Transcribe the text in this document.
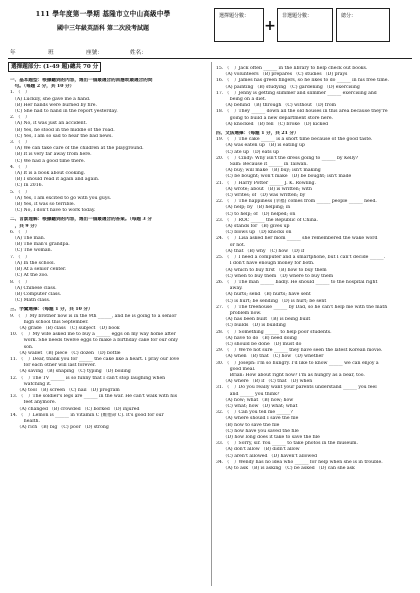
111 學年度第一學期 基隆市立中山高級中學
國中三年級英語科 第二次段考試題
年	班	座號：	姓名：
選擇題分數：
+
非選題分數：	總分：
選擇題部分: (1-49 題)總共 70 分
一、基本題型：根據聽到的內容，選出一個最適合的回應或最適合的問
　句。（每題 2 分，共 10 分）
1. （　）
　（A) Luckily, she gave me a hand.
　（B) Her hands were burned by fire.
　（C) She had to hand in the report yesterday.
2. （　）
　（A) No, it was just an accident.
　（B) Yes, he stood in the middle of the road.
　（C) Yes, I am so sad to hear the bad news.
3. （　）
　（A) We can take care of the children at the playground.
　（B) It is very far away from here.
　（C) We had a good time there.
4. （　）
　（A) It is a book about cooking.
　（B) I should read it again and again.
　（C) In 2016.
5. （　）
　（A) Yes, I am excited to go with you guys.
　（B) Yes, it was so terrible.
　（C) No, I don't have to work today.
二、言談理解：根據聽到的內容，選出一個最適合的答案。（每題 3 分
　，共 9 分）
6. （　）
　（A) The man.
　（B) The man's grandpa.
　（C) The woman.
7. （　）
　（A) In the school.
　（B) At a senior center.
　（C) At the zoo.
8. （　）
　（A) Chinese class.
　（B) Computer class.
　（C) Math class.
三、字彙選擇：（每題 1 分，共 10 分）
9. （　）My brother now is in the 9th ______, and he is going to a senior
　　　high school this September.
　　（A) grade （B) class （C) subject （D) book
10. （　）My wife asked me to buy a ______ eggs on my way home after
　　　work. She needs twelve eggs to make a birthday cake for our only
　　　son.
　　（A) wallet （B) piece （C) dozen （D) bottle
11. （　）Dear, thank you for ______ the cake like a heart. I pray our love
　　　for each other will last forever.
　　（A) saving （B) shaping （C) typing （D) boiling
12. （　）The TV ______ is so funny that I can't stop laughing when
　　　watching it.
　　（A) tool （B) screen （C) nail （D) program
13. （　）The soldier's legs are ______ in the war. He can't walk with his
　　　feet anymore.
　　（A) changed （B) crowded （C) borked （D) injured
14. （　）Lemon is ______ in Vitamin C (維他命 C). It's good for our
　　　health.
　　（A) rich （B) big （C) poor （D) strong
15. （　）Jack often ______ in the library to help check out books.
　　（A) volunteers （B) prepares （C) studies （D) prays
16. （　）James has green fingers, so he likes to do ______ in his free time.
　　（A) painting （B) studying （C) gardening （D) exercising
17. （　）Jenny is getting slimmer and slimmer ______ exercising and
　　　being on a diet.
　　（A) behind （B) through （C) without （D) from
18. （　）They ______ down all the old houses in this area because they're
　　　going to build a new department store here.
　　（A) knocked （B) fell （C) broke （D) kicked
四、文法選擇：（每題 1 分，共 21 分）
19. （　）The cake ______ is a short time because of the good taste.
　　（A) was eaten up （B) is eating up
　　（C) ate up （D) eats up
20. （　）Cindy: Why isn't the dress going to ______ by Kelly?
　　　Sam: Because it ______ in Taiwan.
　　（A) buy; will make （B) buy; isn't making
　　（C) be bought; won't make （D) be bought; isn't made
21. （　）Harry Potter ______ J. K. Rowling.
　　（A) wrote; about （B) is written; with
　　（C) writes; of （D) was written; by
22. （　）The happiness (幸福) comes from ______ people ______ need.
　　（A) help; by （B) helping; in
　　（C) to help; of （D) helped; on
23. （　）ROC ______ the Republic of China.
　　（A) stands for （B) gives up
　　（C) blows up （D) knocks on
24. （　）Lisa asked her mom ______ she remembered the wake word
　　　or not.
　　（A) that （B) why （C) how （D) if
25. （　）I need a computer and a smartphone, but I can't decide ______.
　　　I don't have enough money for both.
　　（A) which to buy first （B) how to buy them
　　（C) when to buy them （D) where to buy them
26. （　）The man ______ badly. He should ______ to the hospital right
　　　away.
　　（A) hurts; send （B) hurts; have sent
　　（C) is hurt; be sending （D) is hurt; be sent
27. （　）The treehouse ______ by Dad, so he can't help me with the math
　　　problem now.
　　（A) has been built （B) is being built
　　（C) builds （D) is building
28. （　）Something ______ to help poor students.
　　（A) have to do （B) need doing
　　（C) should be done （D) must do
29. （　）We're not sure ______ they have seen the latest Korean movie.
　　（A) when （B) that （C) how （D) whether
30. （　）Joseph: I'm so hungry. I'd like to know ______ we can enjoy a
　　　good meal.
　　　Brian: How about right now? I'm as hungry as a bear, too.
　　（A) where （B) if （C) that （D) when
31. （　）Do you really want your parents understand ______ you feel
　　　and ______ you think?
　　（A) how; what （B) how; how
　　（C) what; how （D) what; what
32. （　）Can you tell me ______?
　　（A) where should I save the file
　　（B) how to save the file
　　（C) how have you saved the file
　　（D) how long does it take to save the file
33. （　）Sorry, sir. You ______ to take photos in the museum.
　　（A) don't allow （B) didn't allow
　　（C) aren't allowed （D) haven't allowed
34. （　）Wendy has no idea who ______ for help when she is in trouble.
　　（A) to ask （B) is asking （C) be asked （D) can she ask
